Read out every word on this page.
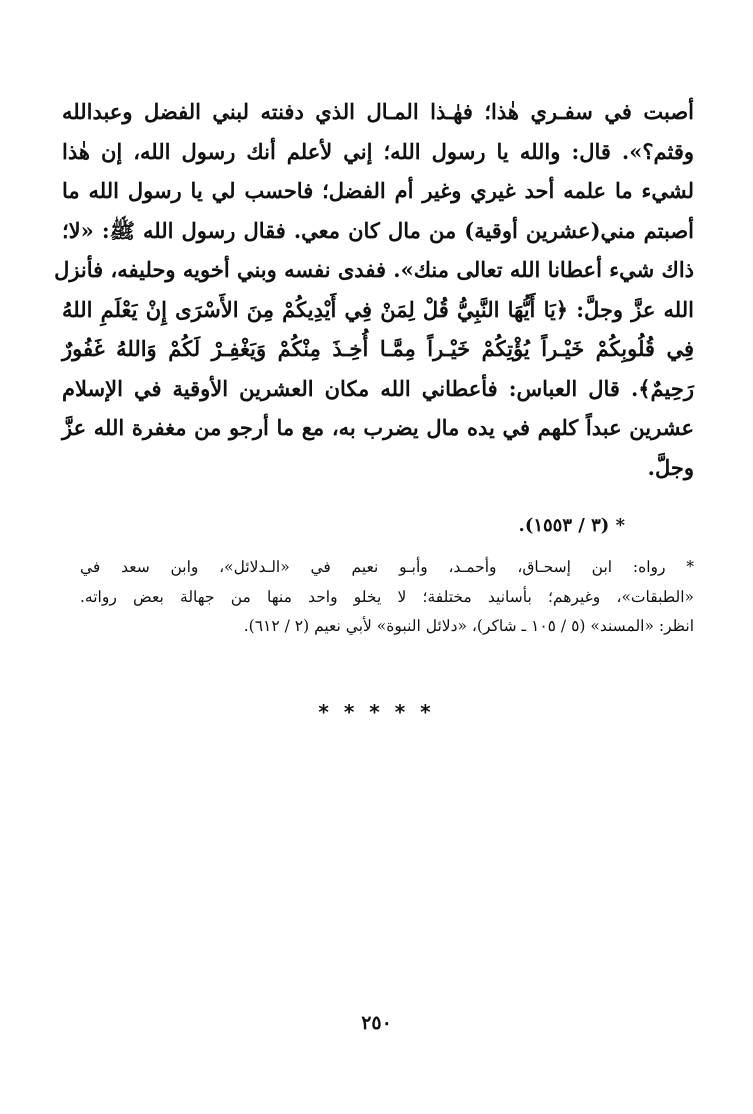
أصبت في سفـري هٰذا؛ فهٰـذا المـال الذي دفنته لبني الفضل وعبدالله
وقثم؟». قال: والله يا رسول الله؛ إني لأعلم أنك رسول الله، إن هٰذا
لشيء ما علمه أحد غيري وغير أم الفضل؛ فاحسب لي يا رسول الله ما
أصبتم مني(عشرين أوقية) من مال كان معي. فقال رسول الله ﷺ: «لا؛
ذاك شيء أعطانا الله تعالى منك». ففدى نفسه وبني أخويه وحليفه، فأنزل
الله عزَّ وجلَّ: ﴿يَا أَيُّهَا النَّبِيُّ قُلْ لِمَنْ فِي أَيْدِيكُمْ مِنَ الأَسْرَى إِنْ يَعْلَمِ اللهُ
فِي قُلُوبِكُمْ خَيْـراً يُؤْتِكُمْ خَيْـراً مِمَّـا أُخِـذَ مِنْكُمْ وَيَغْفِـرْ لَكُمْ وَاللهُ غَفُورٌ
رَحِيمٌ﴾. قال العباس: فأعطاني الله مكان العشرين الأوقية في الإسلام
عشرين عبداً كلهم في يده مال يضرب به، مع ما أرجو من مغفرة الله عزَّ
وجلَّ.
* (٣ / ١٥٥٣).
* رواه: ابن إسحـاق، وأحمـد، وأبـو نعيم في «الـدلائل»، وابن سعد في
«الطبقات»، وغيرهم؛ بأسانيد مختلفة؛ لا يخلو واحد منها من جهالة بعض رواته.
انظر: «المسند» (٥ / ١٠٥ ـ شاكر)، «دلائل النبوة» لأبي نعيم (٢ / ٦١٢).
* * * * *
٢٥٠
